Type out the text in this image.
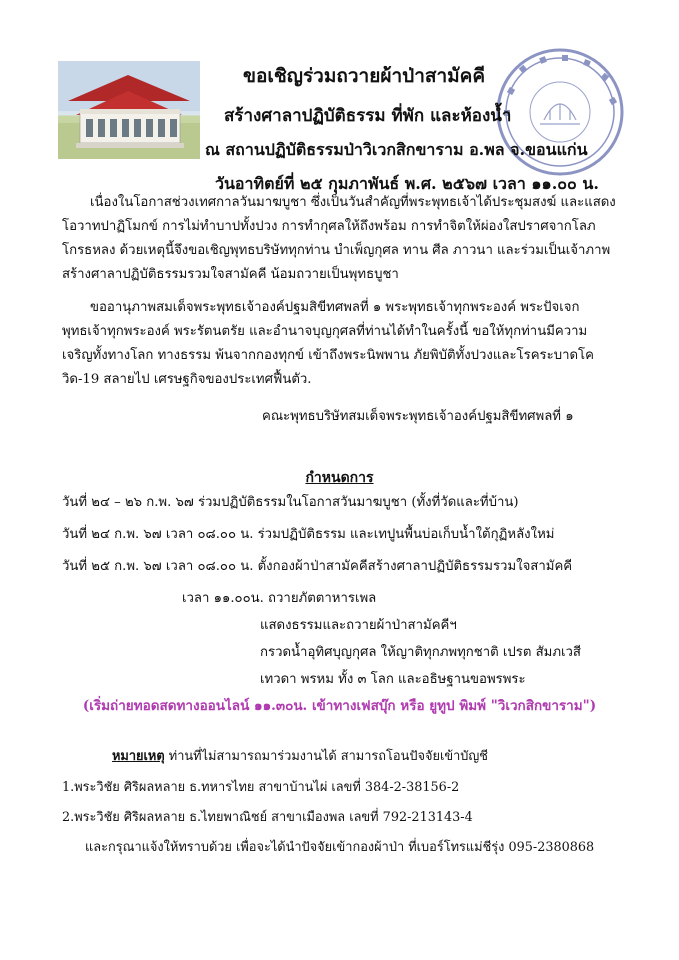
ขอเชิญร่วมถวายผ้าป่าสามัคคี
สร้างศาลาปฏิบัติธรรม ที่พัก และห้องน้ำ
ณ สถานปฏิบัติธรรมป่าวิเวกสิกขาราม อ.พล จ.ขอนแก่น
วันอาทิตย์ที่ ๒๕ กุมภาพันธ์ พ.ศ. ๒๕๖๗ เวลา ๑๑.๐๐ น.
เนื่องในโอกาสช่วงเทศกาลวันมาฆบูชา ซึ่งเป็นวันสำคัญที่พระพุทธเจ้าได้ประชุมสงฆ์ และแสดง
โอวาทปาฏิโมกข์ การไม่ทำบาปทั้งปวง การทำกุศลให้ถึงพร้อม การทำจิตให้ผ่องใสปราศจากโลภ
โกรธหลง ด้วยเหตุนี้จึงขอเชิญพุทธบริษัททุกท่าน บำเพ็ญกุศล ทาน ศีล ภาวนา และร่วมเป็นเจ้าภาพ
สร้างศาลาปฏิบัติธรรมรวมใจสามัคคี น้อมถวายเป็นพุทธบูชา
ขออานุภาพสมเด็จพระพุทธเจ้าองค์ปฐมสิขีทศพลที่ ๑ พระพุทธเจ้าทุกพระองค์ พระปัจเจก
พุทธเจ้าทุกพระองค์ พระรัตนตรัย และอำนาจบุญกุศลที่ท่านได้ทำในครั้งนี้ ขอให้ทุกท่านมีความ
เจริญทั้งทางโลก ทางธรรม พ้นจากกองทุกข์ เข้าถึงพระนิพพาน ภัยพิบัติทั้งปวงและโรคระบาดโค
วิด-19 สลายไป เศรษฐกิจของประเทศฟื้นตัว.
คณะพุทธบริษัทสมเด็จพระพุทธเจ้าองค์ปฐมสิขีทศพลที่ ๑
กำหนดการ
วันที่ ๒๔ – ๒๖ ก.พ. ๖๗ ร่วมปฏิบัติธรรมในโอกาสวันมาฆบูชา (ทั้งที่วัดและที่บ้าน)
วันที่ ๒๔ ก.พ. ๖๗ เวลา ๐๘.๐๐ น. ร่วมปฏิบัติธรรม และเทปูนพื้นบ่อเก็บน้ำใต้กุฏิหลังใหม่
วันที่ ๒๕ ก.พ. ๖๗ เวลา ๐๘.๐๐ น. ตั้งกองผ้าป่าสามัคคีสร้างศาลาปฏิบัติธรรมรวมใจสามัคคี
เวลา ๑๑.๐๐น. ถวายภัตตาหารเพล
แสดงธรรมและถวายผ้าป่าสามัคคีฯ
กรวดน้ำอุทิศบุญกุศล ให้ญาติทุกภพทุกชาติ เปรต สัมภเวสี
เทวดา พรหม ทั้ง ๓ โลก และอธิษฐานขอพรพระ
(เริ่มถ่ายทอดสดทางออนไลน์ ๑๑.๓๐น. เข้าทางเฟสบุ๊ก หรือ ยูทูป พิมพ์ "วิเวกสิกขาราม")
หมายเหตุ ท่านที่ไม่สามารถมาร่วมงานได้ สามารถโอนปัจจัยเข้าบัญชี
1.พระวิชัย ศิริผลหลาย ธ.ทหารไทย สาขาบ้านไผ่ เลขที่ 384-2-38156-2
2.พระวิชัย ศิริผลหลาย ธ.ไทยพาณิชย์ สาขาเมืองพล เลขที่ 792-213143-4
และกรุณาแจ้งให้ทราบด้วย เพื่อจะได้นำปัจจัยเข้ากองผ้าป่า ที่เบอร์โทรแม่ชีรุ่ง 095-2380868
